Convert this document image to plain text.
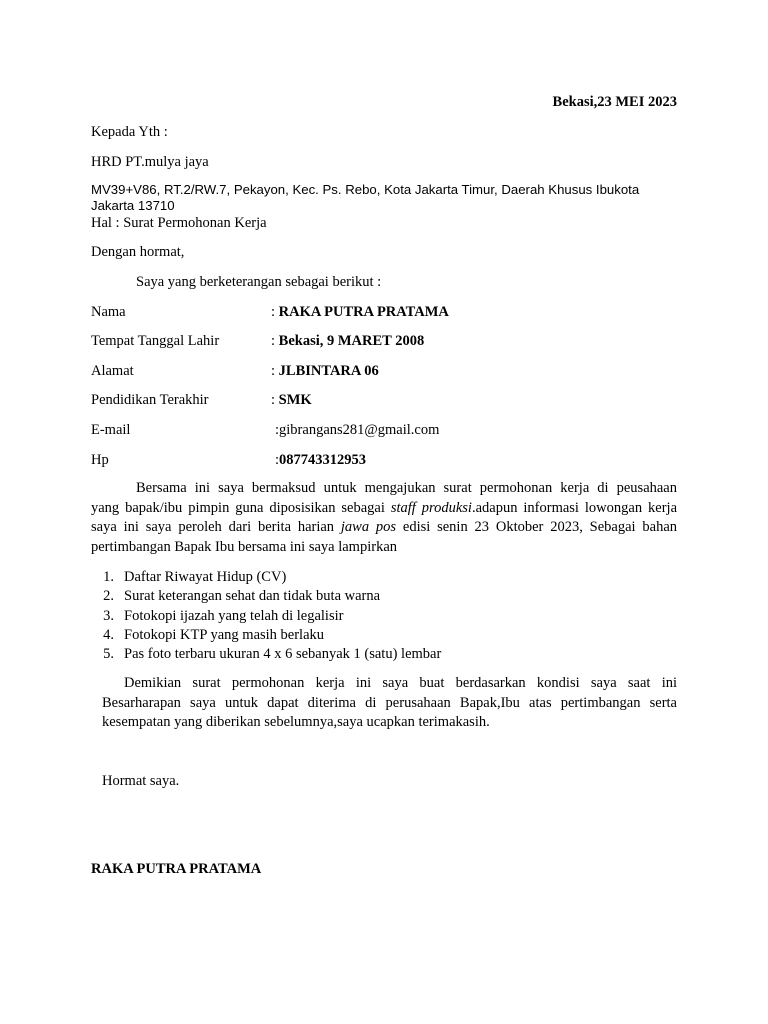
Bekasi,23 MEI 2023
Kepada Yth :
HRD PT.mulya jaya
MV39+V86, RT.2/RW.7, Pekayon, Kec. Ps. Rebo, Kota Jakarta Timur, Daerah Khusus Ibukota
Jakarta 13710
Hal : Surat Permohonan Kerja
Dengan hormat,
Saya yang berketerangan sebagai berikut :
Nama	: RAKA PUTRA PRATAMA
Tempat Tanggal Lahir	: Bekasi, 9 MARET 2008
Alamat	: JLBINTARA 06
Pendidikan Terakhir	: SMK
E-mail	:gibrangans281@gmail.com
Hp	:087743312953
Bersama ini saya bermaksud untuk mengajukan surat permohonan kerja di peusahaan
yang bapak/ibu pimpin guna diposisikan sebagai staff produksi.adapun informasi lowongan kerja
saya ini saya peroleh dari berita harian jawa pos edisi senin 23 Oktober 2023, Sebagai bahan
pertimbangan Bapak Ibu bersama ini saya lampirkan
1. Daftar Riwayat Hidup (CV)
2. Surat keterangan sehat dan tidak buta warna
3. Fotokopi ijazah yang telah di legalisir
4. Fotokopi KTP yang masih berlaku
5. Pas foto terbaru ukuran 4 x 6 sebanyak 1 (satu) lembar
Demikian surat permohonan kerja ini saya buat berdasarkan kondisi saya saat ini
Besarharapan saya untuk dapat diterima di perusahaan Bapak,Ibu atas pertimbangan serta
kesempatan yang diberikan sebelumnya,saya ucapkan terimakasih.
Hormat saya.
RAKA PUTRA PRATAMA
